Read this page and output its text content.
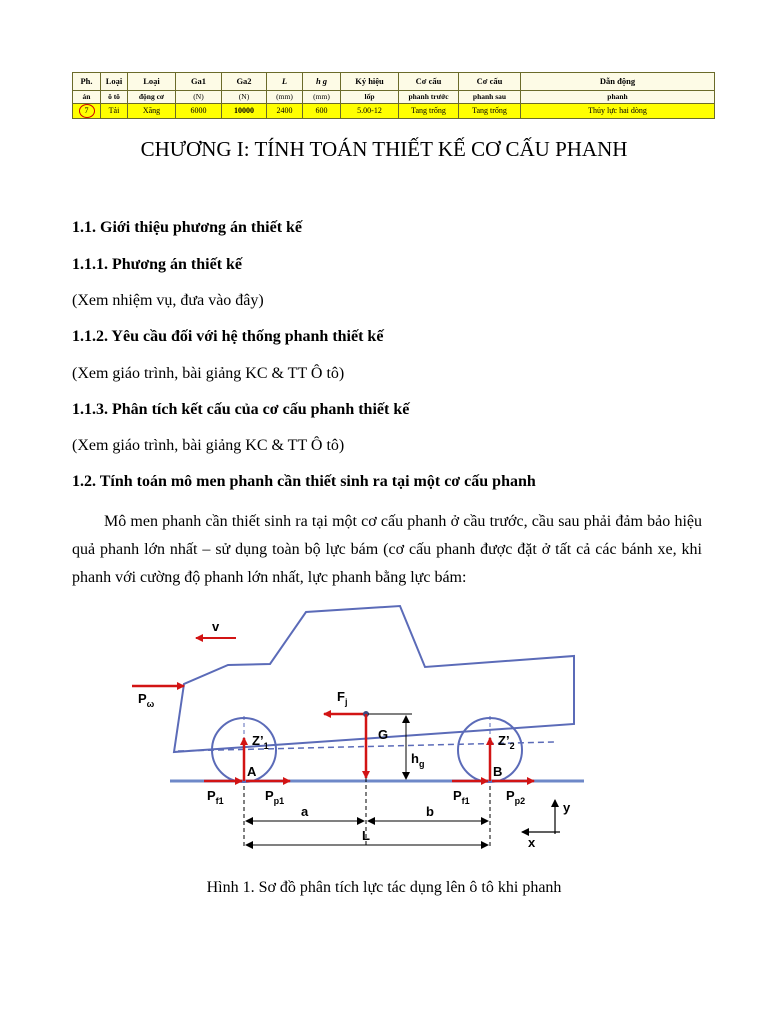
Ph.	Loại	Loại	Ga1	Ga2	L	h g	Ký hiệu	Cơ cấu	Cơ cấu	Dẫn động
án	ô tô	động cơ	(N)	(N)	(mm)	(mm)	lốp	phanh trước	phanh sau	phanh
7	Tải	Xăng	6000	10000	2400	600	5.00-12	Tang trống	Tang trống	Thủy lực hai dòng
CHƯƠNG I: TÍNH TOÁN THIẾT KẾ CƠ CẤU PHANH
1.1. Giới thiệu phương án thiết kế
1.1.1. Phương án thiết kế
(Xem nhiệm vụ, đưa vào đây)
1.1.2. Yêu cầu đối với hệ thống phanh thiết kế
(Xem giáo trình, bài giảng KC & TT Ô tô)
1.1.3. Phân tích kết cấu của cơ cấu phanh thiết kế
(Xem giáo trình, bài giảng KC & TT Ô tô)
1.2. Tính toán mô men phanh cần thiết sinh ra tại một cơ cấu phanh
Mô men phanh cần thiết sinh ra tại một cơ cấu phanh ở cầu trước, cầu sau phải đảm bảo hiệu quả phanh lớn nhất – sử dụng toàn bộ lực bám (cơ cấu phanh được đặt ở tất cả các bánh xe, khi phanh với cường độ phanh lớn nhất, lực phanh bằng lực bám:
v
$P_\omega$	$F_j$
G
$h_g$
$Z’_1$	$Z’_2$
A	B
$P_{f1}$	$P_{p1}$	$P_{f1}$	$P_{p2}$
a	b
L	x
y
Hình 1. Sơ đồ phân tích lực tác dụng lên ô tô khi phanh
